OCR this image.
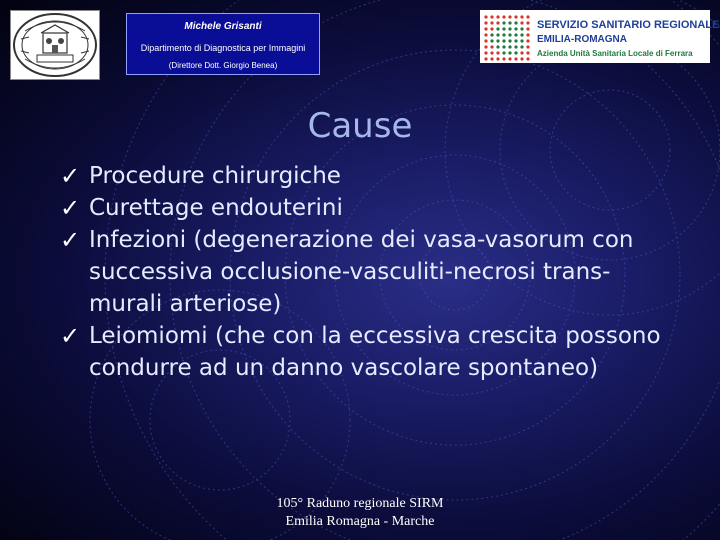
Michele Grisanti
Dipartimento di Diagnostica per Immagini
(Direttore Dott. Giorgio Benea)
SERVIZIO SANITARIO REGIONALE
EMILIA-ROMAGNA
Azienda Unità Sanitaria Locale di Ferrara
Cause
✓ Procedure chirurgiche
✓ Curettage endouterini
✓ Infezioni (degenerazione dei vasa-vasorum con successiva occlusione-vasculiti-necrosi trans-murali arteriose)
✓ Leiomiomi (che con la eccessiva crescita possono condurre ad un danno vascolare spontaneo)
105° Raduno regionale SIRM
Emilia Romagna - Marche
